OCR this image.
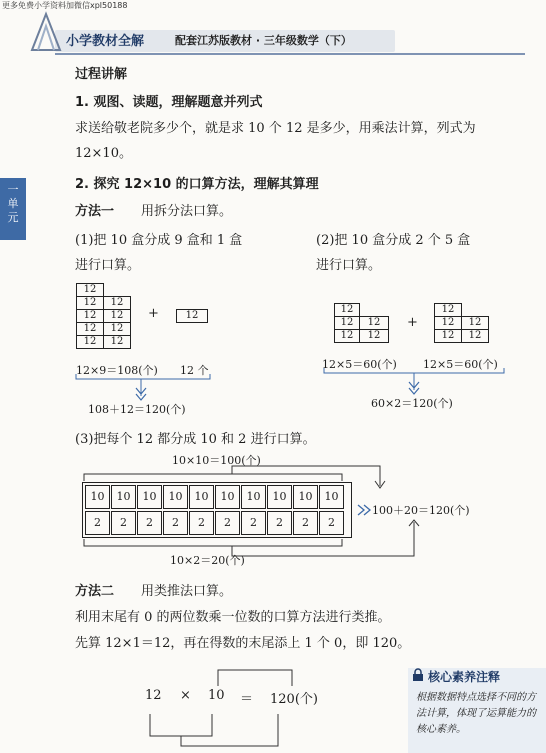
更多免费小学资料加微信xpl50188
小学教材全解	配套江苏版教材 · 三年级数学（下）
一
单
元
过程讲解
1. 观图、读题，理解题意并列式
求送给敬老院多少个，就是求 10 个 12 是多少，用乘法计算，列式为
12×10。
2. 探究 12×10 的口算方法，理解其算理
方法一 用拆分法口算。
(1)把 10 盒分成 9 盒和 1 盒
进行口算。
(2)把 10 盒分成 2 个 5 盒
进行口算。
12
12	12
12	12
12	12
12	12
+	12
12×9＝108(个) 12 个
108＋12＝120(个)
12
12	12
12	12
+
12
12	12
12	12
12×5＝60(个) 12×5＝60(个)
60×2＝120(个)
(3)把每个 12 都分成 10 和 2 进行口算。
10×10＝100(个)
10	10	10	10	10	10	10	10	10	10
2	2	2	2	2	2	2	2	2	2
100＋20＝120(个)
10×2＝20(个)
方法二 用类推法口算。
利用末尾有 0 的两位数乘一位数的口算方法进行类推。
先算 12×1＝12，再在得数的末尾添上 1 个 0，即 120。
12 × 10 ＝ 120(个)
核心素养注释
根据数据特点选择不同的方法计算，体现了运算能力的核心素养。
